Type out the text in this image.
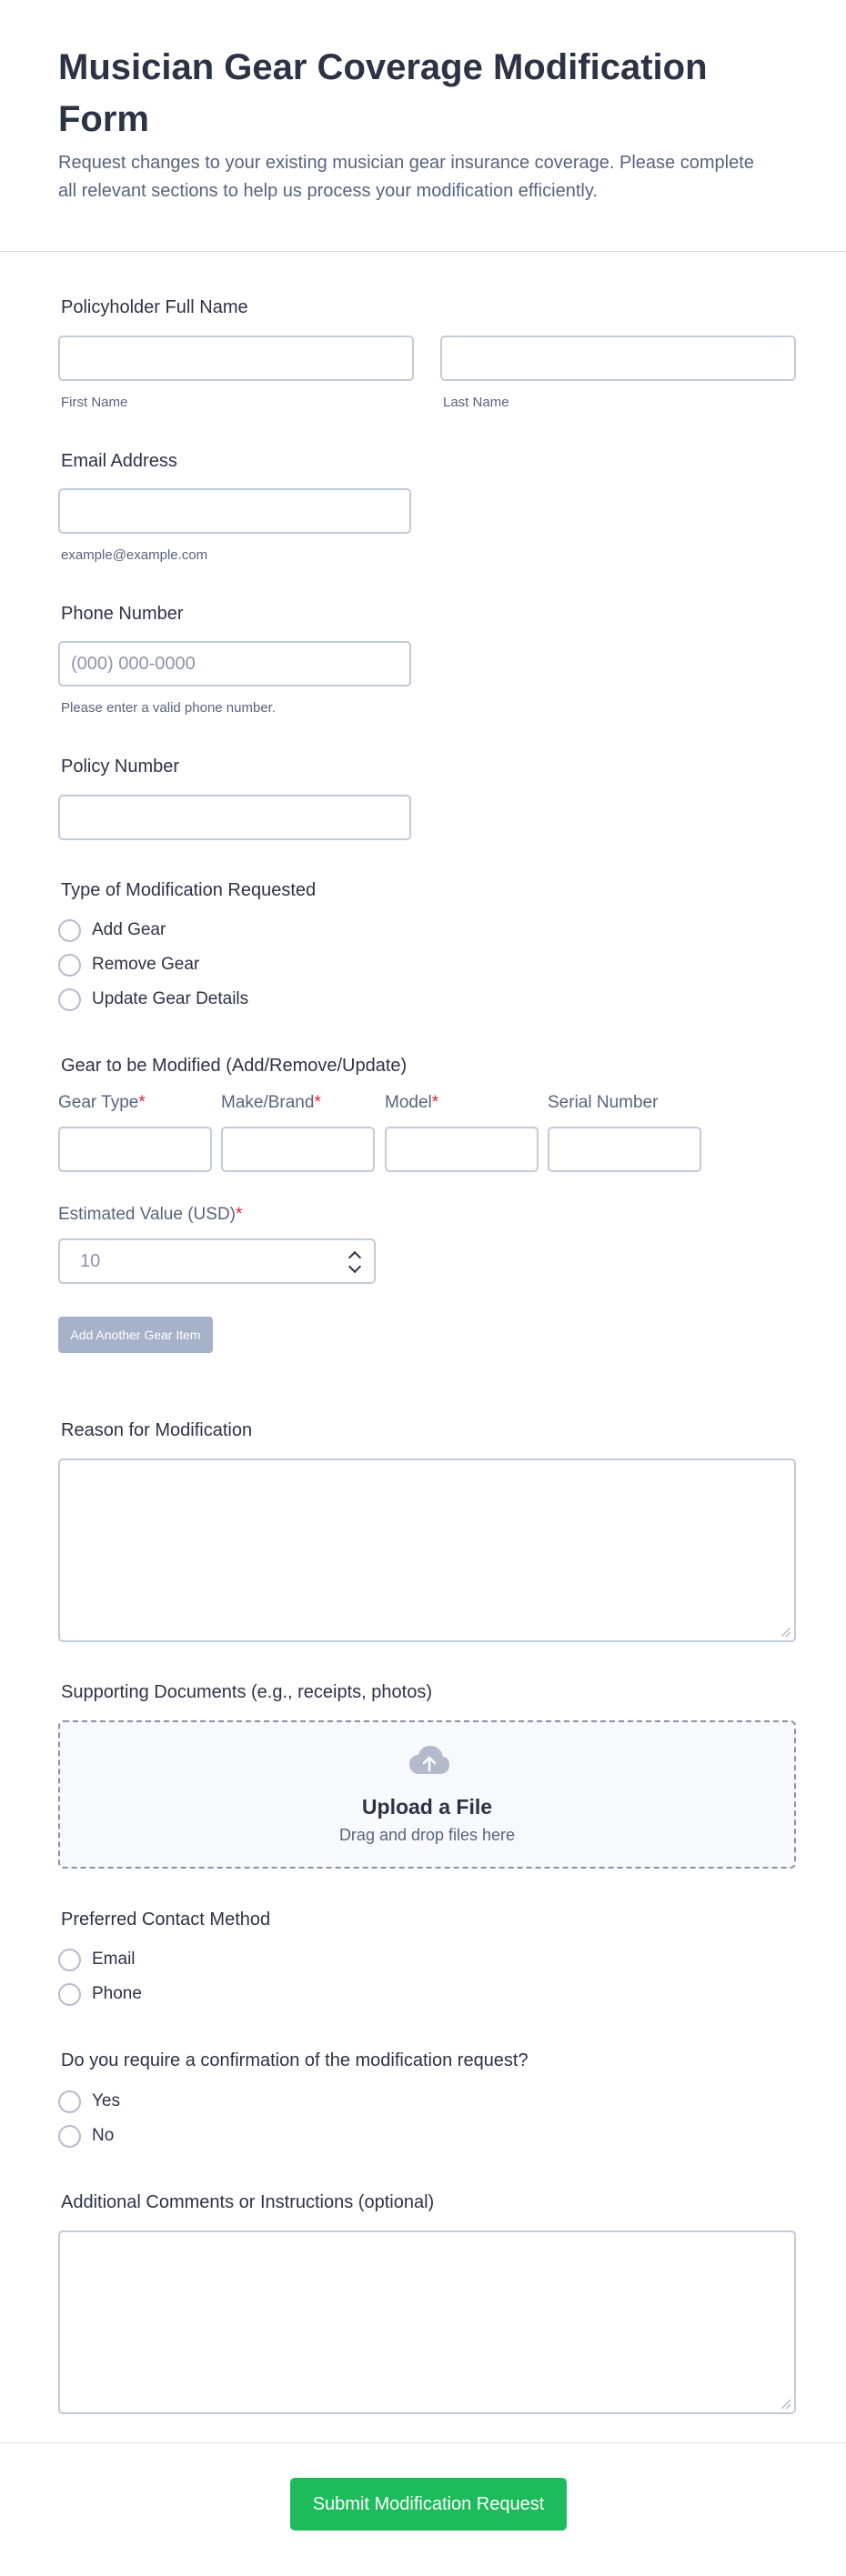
Musician Gear Coverage Modification Form

Request changes to your existing musician gear insurance coverage. Please complete all relevant sections to help us process your modification efficiently.

Policyholder Full Name
First Name	Last Name
Email Address
example@example.com
Phone Number
(000) 000-0000
Please enter a valid phone number.
Policy Number
Type of Modification Requested
Add Gear
Remove Gear
Update Gear Details
Gear to be Modified (Add/Remove/Update)
Gear Type*	Make/Brand*	Model*	Serial Number
Estimated Value (USD)*
10
Add Another Gear Item
Reason for Modification
Supporting Documents (e.g., receipts, photos)
Upload a File
Drag and drop files here
Preferred Contact Method
Email
Phone
Do you require a confirmation of the modification request?
Yes
No
Additional Comments or Instructions (optional)
Submit Modification Request
